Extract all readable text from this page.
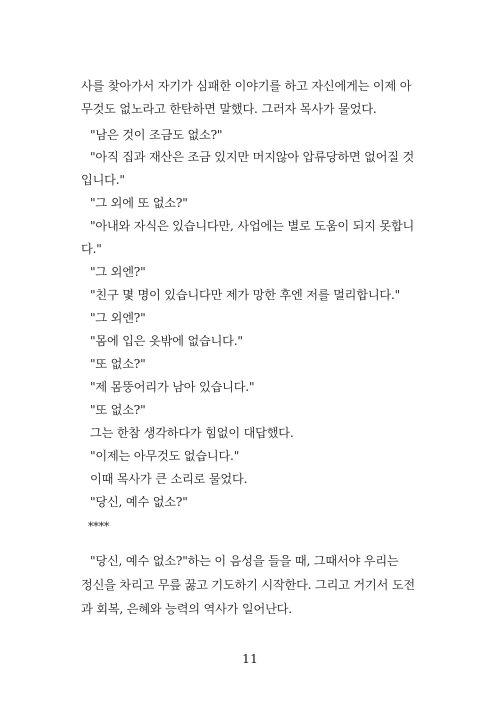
사를 찾아가서 자기가 심패한 이야기를 하고 자신에게는 이제 아
무것도 없노라고 한탄하면 말했다. 그러자 목사가 물었다.
"남은 것이 조금도 없소?"
"아직 집과 재산은 조금 있지만 머지않아 압류당하면 없어질 것
입니다."
"그 외에 또 없소?"
"아내와 자식은 있습니다만, 사업에는 별로 도움이 되지 못합니
다."
"그 외엔?"
"친구 몇 명이 있습니다만 제가 망한 후엔 저를 멀리합니다."
"그 외엔?"
"몸에 입은 옷밖에 없습니다."
"또 없소?"
"제 몸뚱어리가 남아 있습니다."
"또 없소?"
그는 한참 생각하다가 힘없이 대답했다.
"이제는 아무것도 없습니다."
이때 목사가 큰 소리로 물었다.
"당신, 예수 없소?"
****
"당신, 예수 없소?"하는 이 음성을 들을 때, 그때서야 우리는
정신을 차리고 무릎 꿇고 기도하기 시작한다. 그리고 거기서 도전
과 회복, 은혜와 능력의 역사가 일어난다.
11
